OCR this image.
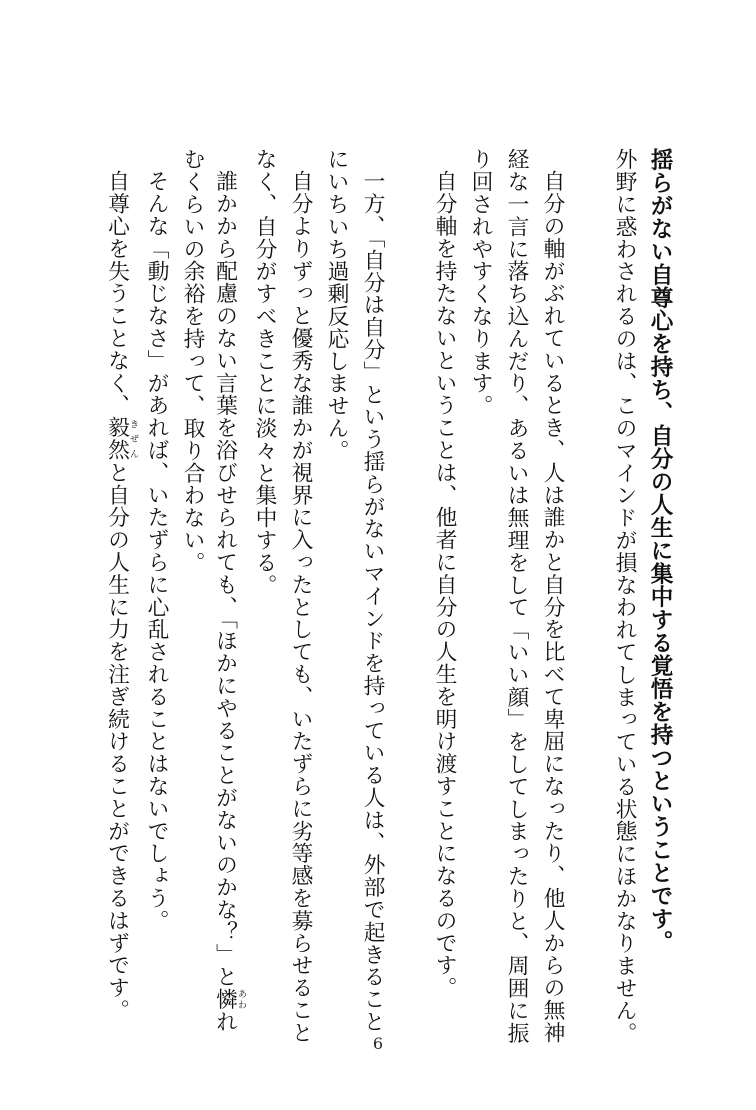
揺らがない自尊心を持ち、自分の人生に集中する覚悟を持つということです。
外野に惑わされるのは、このマインドが損なわれてしまっている状態にほかなりません。
自分の軸がぶれているとき、人は誰かと自分を比べて卑屈になったり、他人からの無神
経な一言に落ち込んだり、あるいは無理をして「いい顔」をしてしまったりと、周囲に振
り回されやすくなります。
自分軸を持たないということは、他者に自分の人生を明け渡すことになるのです。
一方、「自分は自分」という揺らがないマインドを持っている人は、外部で起きること
にいちいち過剰反応しません。
自分よりずっと優秀な誰かが視界に入ったとしても、いたずらに劣等感を募らせること
なく、自分がすべきことに淡々と集中する。
誰かから配慮のない言葉を浴びせられても、「ほかにやることがないのかな？」と憐あわれ
むくらいの余裕を持って、取り合わない。
そんな「動じなさ」があれば、いたずらに心乱されることはないでしょう。
自尊心を失うことなく、毅然きぜんと自分の人生に力を注ぎ続けることができるはずです。
6
